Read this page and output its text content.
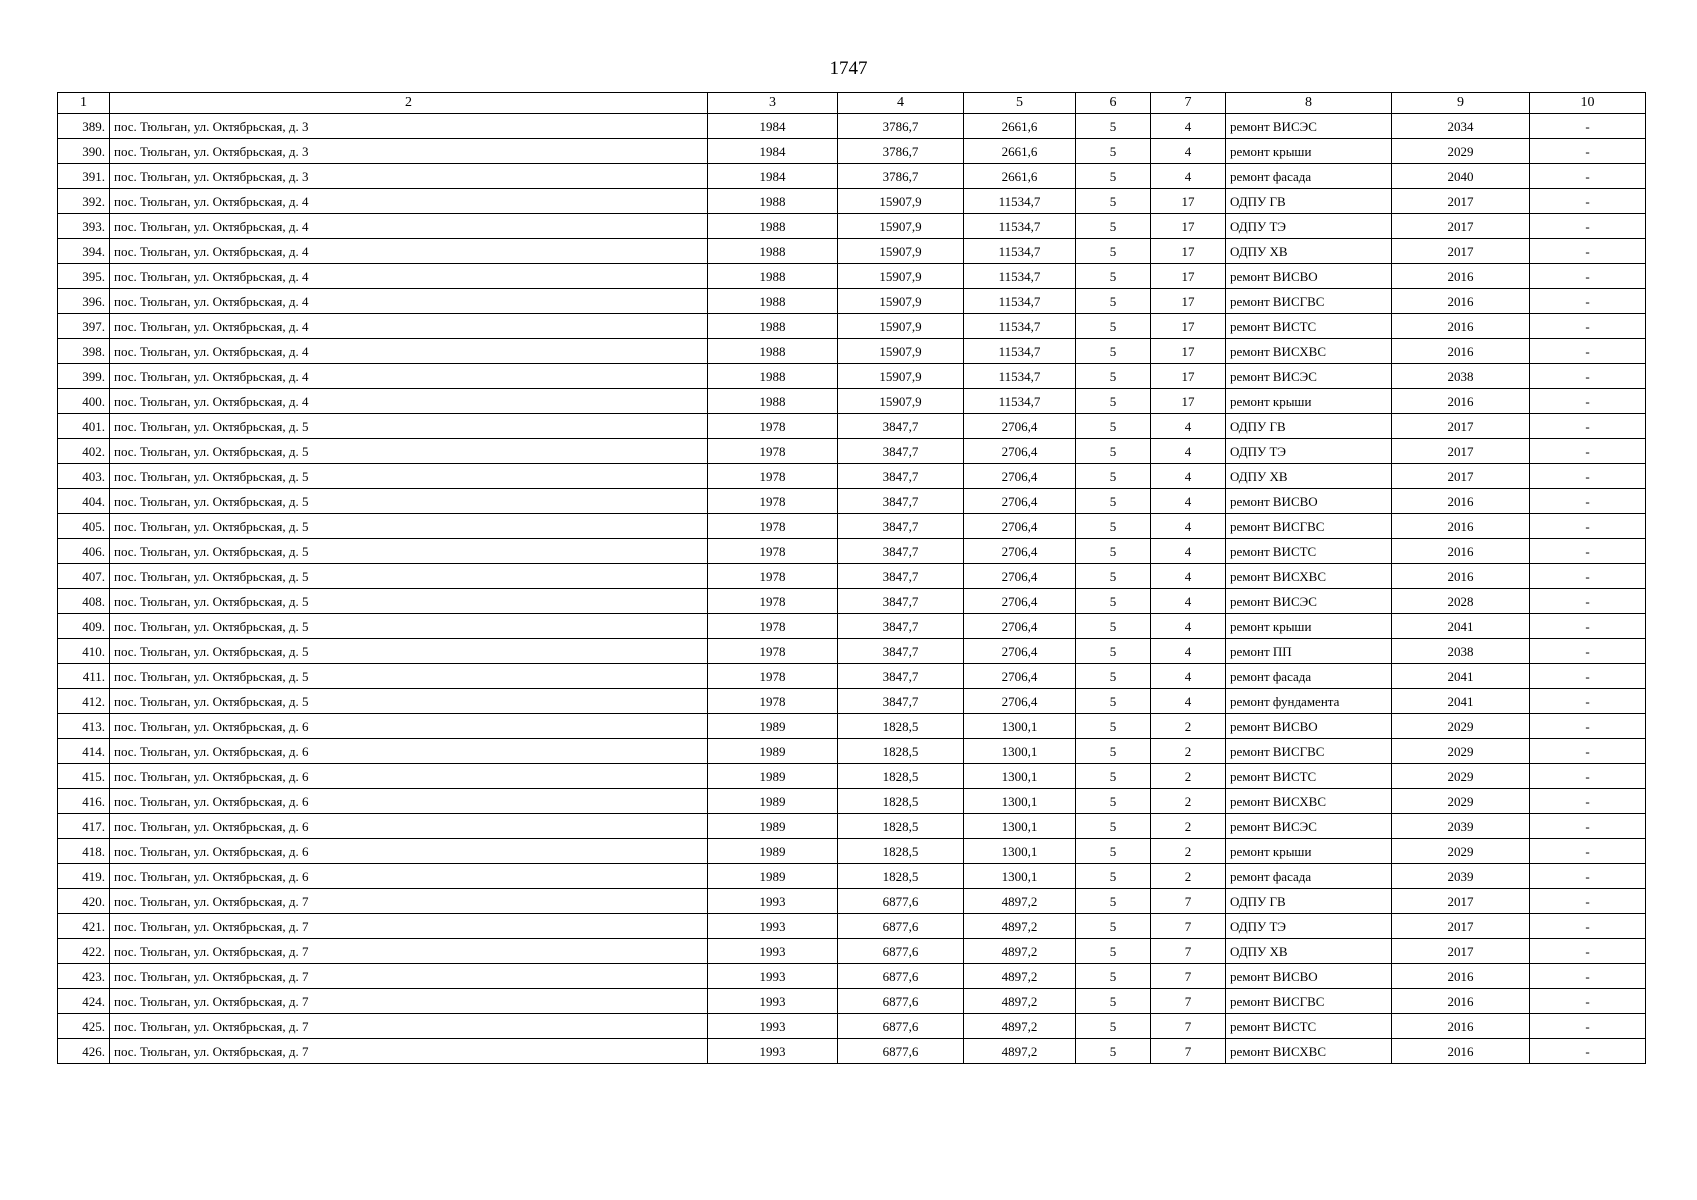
1747
1	2	3	4	5	6	7	8	9	10
389.	пос. Тюльган, ул. Октябрьская, д. 3	1984	3786,7	2661,6	5	4	ремонт ВИСЭС	2034	-
390.	пос. Тюльган, ул. Октябрьская, д. 3	1984	3786,7	2661,6	5	4	ремонт крыши	2029	-
391.	пос. Тюльган, ул. Октябрьская, д. 3	1984	3786,7	2661,6	5	4	ремонт фасада	2040	-
392.	пос. Тюльган, ул. Октябрьская, д. 4	1988	15907,9	11534,7	5	17	ОДПУ ГВ	2017	-
393.	пос. Тюльган, ул. Октябрьская, д. 4	1988	15907,9	11534,7	5	17	ОДПУ ТЭ	2017	-
394.	пос. Тюльган, ул. Октябрьская, д. 4	1988	15907,9	11534,7	5	17	ОДПУ ХВ	2017	-
395.	пос. Тюльган, ул. Октябрьская, д. 4	1988	15907,9	11534,7	5	17	ремонт ВИСВО	2016	-
396.	пос. Тюльган, ул. Октябрьская, д. 4	1988	15907,9	11534,7	5	17	ремонт ВИСГВС	2016	-
397.	пос. Тюльган, ул. Октябрьская, д. 4	1988	15907,9	11534,7	5	17	ремонт ВИСТС	2016	-
398.	пос. Тюльган, ул. Октябрьская, д. 4	1988	15907,9	11534,7	5	17	ремонт ВИСХВС	2016	-
399.	пос. Тюльган, ул. Октябрьская, д. 4	1988	15907,9	11534,7	5	17	ремонт ВИСЭС	2038	-
400.	пос. Тюльган, ул. Октябрьская, д. 4	1988	15907,9	11534,7	5	17	ремонт крыши	2016	-
401.	пос. Тюльган, ул. Октябрьская, д. 5	1978	3847,7	2706,4	5	4	ОДПУ ГВ	2017	-
402.	пос. Тюльган, ул. Октябрьская, д. 5	1978	3847,7	2706,4	5	4	ОДПУ ТЭ	2017	-
403.	пос. Тюльган, ул. Октябрьская, д. 5	1978	3847,7	2706,4	5	4	ОДПУ ХВ	2017	-
404.	пос. Тюльган, ул. Октябрьская, д. 5	1978	3847,7	2706,4	5	4	ремонт ВИСВО	2016	-
405.	пос. Тюльган, ул. Октябрьская, д. 5	1978	3847,7	2706,4	5	4	ремонт ВИСГВС	2016	-
406.	пос. Тюльган, ул. Октябрьская, д. 5	1978	3847,7	2706,4	5	4	ремонт ВИСТС	2016	-
407.	пос. Тюльган, ул. Октябрьская, д. 5	1978	3847,7	2706,4	5	4	ремонт ВИСХВС	2016	-
408.	пос. Тюльган, ул. Октябрьская, д. 5	1978	3847,7	2706,4	5	4	ремонт ВИСЭС	2028	-
409.	пос. Тюльган, ул. Октябрьская, д. 5	1978	3847,7	2706,4	5	4	ремонт крыши	2041	-
410.	пос. Тюльган, ул. Октябрьская, д. 5	1978	3847,7	2706,4	5	4	ремонт ПП	2038	-
411.	пос. Тюльган, ул. Октябрьская, д. 5	1978	3847,7	2706,4	5	4	ремонт фасада	2041	-
412.	пос. Тюльган, ул. Октябрьская, д. 5	1978	3847,7	2706,4	5	4	ремонт фундамента	2041	-
413.	пос. Тюльган, ул. Октябрьская, д. 6	1989	1828,5	1300,1	5	2	ремонт ВИСВО	2029	-
414.	пос. Тюльган, ул. Октябрьская, д. 6	1989	1828,5	1300,1	5	2	ремонт ВИСГВС	2029	-
415.	пос. Тюльган, ул. Октябрьская, д. 6	1989	1828,5	1300,1	5	2	ремонт ВИСТС	2029	-
416.	пос. Тюльган, ул. Октябрьская, д. 6	1989	1828,5	1300,1	5	2	ремонт ВИСХВС	2029	-
417.	пос. Тюльган, ул. Октябрьская, д. 6	1989	1828,5	1300,1	5	2	ремонт ВИСЭС	2039	-
418.	пос. Тюльган, ул. Октябрьская, д. 6	1989	1828,5	1300,1	5	2	ремонт крыши	2029	-
419.	пос. Тюльган, ул. Октябрьская, д. 6	1989	1828,5	1300,1	5	2	ремонт фасада	2039	-
420.	пос. Тюльган, ул. Октябрьская, д. 7	1993	6877,6	4897,2	5	7	ОДПУ ГВ	2017	-
421.	пос. Тюльган, ул. Октябрьская, д. 7	1993	6877,6	4897,2	5	7	ОДПУ ТЭ	2017	-
422.	пос. Тюльган, ул. Октябрьская, д. 7	1993	6877,6	4897,2	5	7	ОДПУ ХВ	2017	-
423.	пос. Тюльган, ул. Октябрьская, д. 7	1993	6877,6	4897,2	5	7	ремонт ВИСВО	2016	-
424.	пос. Тюльган, ул. Октябрьская, д. 7	1993	6877,6	4897,2	5	7	ремонт ВИСГВС	2016	-
425.	пос. Тюльган, ул. Октябрьская, д. 7	1993	6877,6	4897,2	5	7	ремонт ВИСТС	2016	-
426.	пос. Тюльган, ул. Октябрьская, д. 7	1993	6877,6	4897,2	5	7	ремонт ВИСХВС	2016	-
